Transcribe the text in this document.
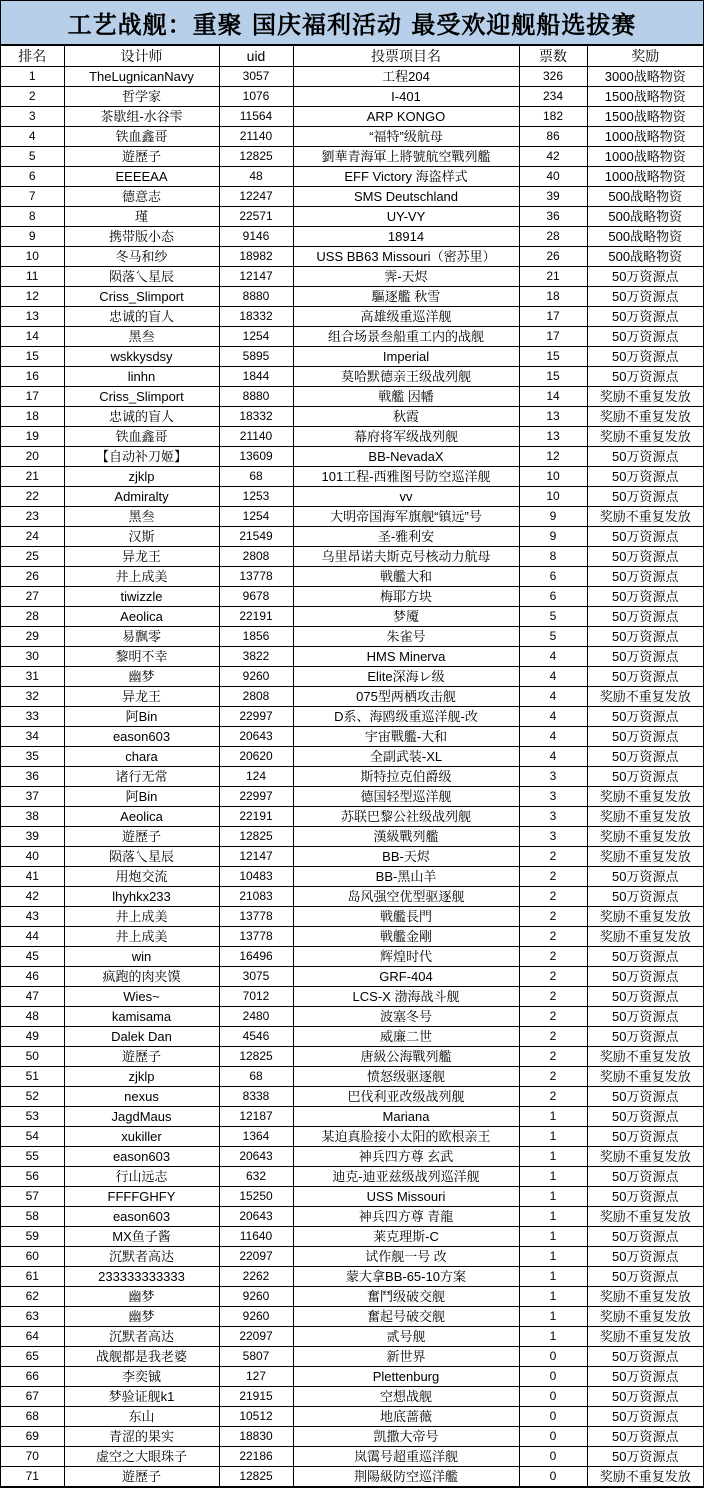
工艺战舰：重聚 国庆福利活动 最受欢迎舰船选拔赛
排名	设计师	uid	投票项目名	票数	奖励
1	TheLugnicanNavy	3057	工程204	326	3000战略物资
2	哲学家	1076	I-401	234	1500战略物资
3	茶歇组-水谷雫	11564	ARP KONGO	182	1500战略物资
4	铁血鑫哥	21140	“福特”级航母	86	1000战略物资
5	遊歷子	12825	劉華青海軍上將號航空戰列艦	42	1000战略物资
6	EEEEAA	48	EFF Victory 海盗样式	40	1000战略物资
7	德意志	12247	SMS Deutschland	39	500战略物资
8	瑾	22571	UY-VY	36	500战略物资
9	携带版小态	9146	18914	28	500战略物资
10	冬马和纱	18982	USS BB63 Missouri（密苏里）	26	500战略物资
11	陨落乀星辰	12147	霁-天烬	21	50万资源点
12	Criss_Slimport	8880	驅逐艦 秋雪	18	50万资源点
13	忠诚的盲人	18332	高雄级重巡洋舰	17	50万资源点
14	黑叁	1254	组合场景叁船重工内的战舰	17	50万资源点
15	wskkysdsy	5895	Imperial	15	50万资源点
16	linhn	1844	莫哈默德亲王级战列舰	15	50万资源点
17	Criss_Slimport	8880	戦艦 因幡	14	奖励不重复发放
18	忠诚的盲人	18332	秋霞	13	奖励不重复发放
19	铁血鑫哥	21140	幕府将军级战列舰	13	奖励不重复发放
20	【自动补刀姬】	13609	BB-NevadaX	12	50万资源点
21	zjklp	68	101工程-西雅图号防空巡洋舰	10	50万资源点
22	Admiralty	1253	vv	10	50万资源点
23	黑叁	1254	大明帝国海军旗舰“镇远”号	9	奖励不重复发放
24	汉斯	21549	圣-雅利安	9	50万资源点
25	异龙王	2808	乌里昂诺夫斯克号核动力航母	8	50万资源点
26	井上成美	13778	戦艦大和	6	50万资源点
27	tiwizzle	9678	梅耶方块	6	50万资源点
28	Aeolica	22191	梦魇	5	50万资源点
29	易飘零	1856	朱雀号	5	50万资源点
30	黎明不幸	3822	HMS Minerva	4	50万资源点
31	幽梦	9260	Elite深海レ级	4	50万资源点
32	异龙王	2808	075型两栖攻击舰	4	奖励不重复发放
33	阿Bin	22997	D系、海鸥级重巡洋舰-改	4	50万资源点
34	eason603	20643	宇宙戰艦-大和	4	50万资源点
35	chara	20620	全副武装-XL	4	50万资源点
36	诸行无常	124	斯特拉克伯爵级	3	50万资源点
37	阿Bin	22997	德国轻型巡洋舰	3	奖励不重复发放
38	Aeolica	22191	苏联巴黎公社级战列舰	3	奖励不重复发放
39	遊歷子	12825	漢級戰列艦	3	奖励不重复发放
40	陨落乀星辰	12147	BB-天烬	2	奖励不重复发放
41	用炮交流	10483	BB-黑山羊	2	50万资源点
42	lhyhkx233	21083	岛风强空优型驱逐舰	2	50万资源点
43	井上成美	13778	戦艦長門	2	奖励不重复发放
44	井上成美	13778	戦艦金剛	2	奖励不重复发放
45	win	16496	辉煌时代	2	50万资源点
46	疯跑的肉夹馍	3075	GRF-404	2	50万资源点
47	Wies~	7012	LCS-X 渤海战斗舰	2	50万资源点
48	kamisama	2480	波塞冬号	2	50万资源点
49	Dalek Dan	4546	威廉二世	2	50万资源点
50	遊歷子	12825	唐級公海戰列艦	2	奖励不重复发放
51	zjklp	68	愤怒级驱逐舰	2	奖励不重复发放
52	nexus	8338	巴伐利亚改级战列舰	2	50万资源点
53	JagdMaus	12187	Mariana	1	50万资源点
54	xukiller	1364	某迫真脸接小太阳的欧根亲王	1	50万资源点
55	eason603	20643	神兵四方尊 玄武	1	奖励不重复发放
56	行山远志	632	迪克-迪亚兹级战列巡洋舰	1	50万资源点
57	FFFFGHFY	15250	USS Missouri	1	50万资源点
58	eason603	20643	神兵四方尊 青龍	1	奖励不重复发放
59	MX鱼子酱	11640	莱克理斯-C	1	50万资源点
60	沉默者高达	22097	试作舰一号 改	1	50万资源点
61	233333333333	2262	蒙大拿BB-65-10方案	1	50万资源点
62	幽梦	9260	奮鬥级破交舰	1	奖励不重复发放
63	幽梦	9260	奮起号破交舰	1	奖励不重复发放
64	沉默者高达	22097	贰号舰	1	奖励不重复发放
65	战舰都是我老婆	5807	新世界	0	50万资源点
66	李奕铖	127	Plettenburg	0	50万资源点
67	梦验证舰k1	21915	空想战舰	0	50万资源点
68	东山	10512	地底蔷薇	0	50万资源点
69	青涩的果实	18830	凯撒大帝号	0	50万资源点
70	虚空之大眼珠子	22186	岚霭号超重巡洋舰	0	50万资源点
71	遊歷子	12825	荆陽級防空巡洋艦	0	奖励不重复发放
